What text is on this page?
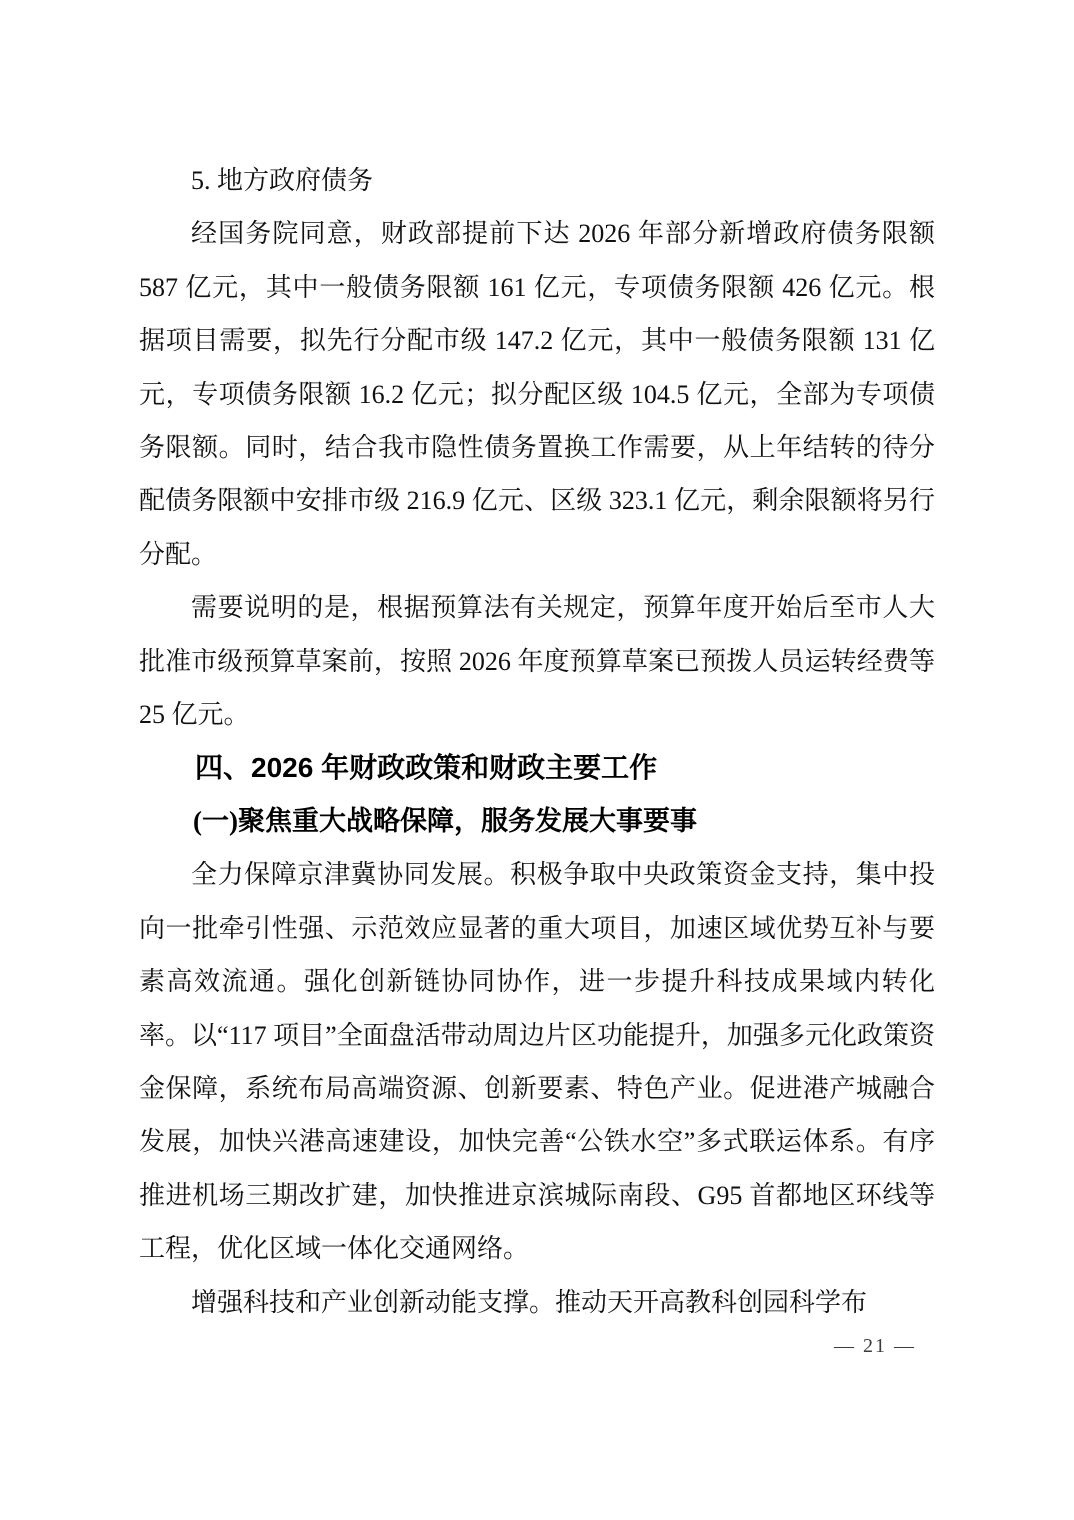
5. 地方政府债务

经国务院同意，财政部提前下达 2026 年部分新增政府债务限额 587 亿元，其中一般债务限额 161 亿元，专项债务限额 426 亿元。根据项目需要，拟先行分配市级 147.2 亿元，其中一般债务限额 131 亿元，专项债务限额 16.2 亿元；拟分配区级 104.5 亿元，全部为专项债务限额。同时，结合我市隐性债务置换工作需要，从上年结转的待分配债务限额中安排市级 216.9 亿元、区级 323.1 亿元，剩余限额将另行分配。

需要说明的是，根据预算法有关规定，预算年度开始后至市人大批准市级预算草案前，按照 2026 年度预算草案已预拨人员运转经费等 25 亿元。

四、2026 年财政政策和财政主要工作
(一)聚焦重大战略保障，服务发展大事要事

全力保障京津冀协同发展。积极争取中央政策资金支持，集中投向一批牵引性强、示范效应显著的重大项目，加速区域优势互补与要素高效流通。强化创新链协同协作，进一步提升科技成果域内转化率。以“117 项目”全面盘活带动周边片区功能提升，加强多元化政策资金保障，系统布局高端资源、创新要素、特色产业。促进港产城融合发展，加快兴港高速建设，加快完善“公铁水空”多式联运体系。有序推进机场三期改扩建，加快推进京滨城际南段、G95 首都地区环线等工程，优化区域一体化交通网络。

增强科技和产业创新动能支撑。推动天开高教科创园科学布

— 21 —
